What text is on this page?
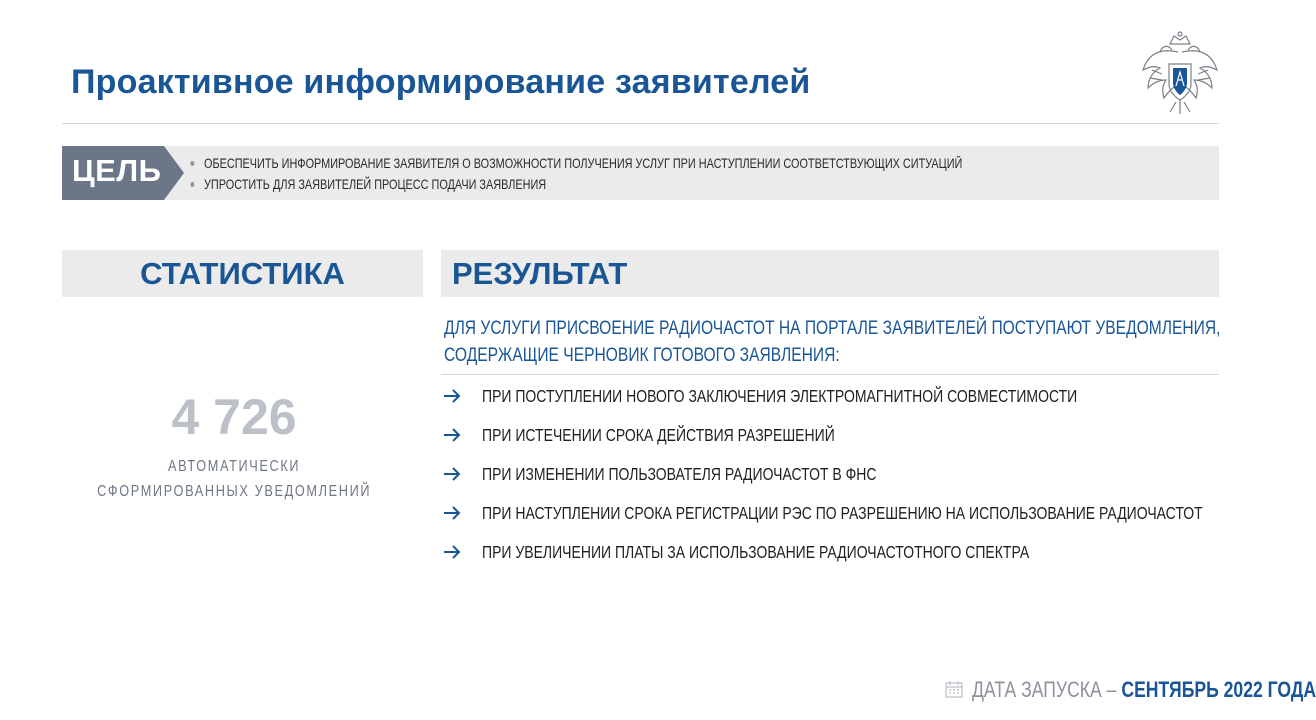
Проактивное информирование заявителей
ЦЕЛЬ	ОБЕСПЕЧИТЬ ИНФОРМИРОВАНИЕ ЗАЯВИТЕЛЯ О ВОЗМОЖНОСТИ ПОЛУЧЕНИЯ УСЛУГ ПРИ НАСТУПЛЕНИИ СООТВЕТСТВУЮЩИХ СИТУАЦИЙ
УПРОСТИТЬ ДЛЯ ЗАЯВИТЕЛЕЙ ПРОЦЕСС ПОДАЧИ ЗАЯВЛЕНИЯ
СТАТИСТИКА
4 726
АВТОМАТИЧЕСКИ
СФОРМИРОВАННЫХ УВЕДОМЛЕНИЙ
РЕЗУЛЬТАТ
ДЛЯ УСЛУГИ ПРИСВОЕНИЕ РАДИОЧАСТОТ НА ПОРТАЛЕ ЗАЯВИТЕЛЕЙ ПОСТУПАЮТ УВЕДОМЛЕНИЯ,
СОДЕРЖАЩИЕ ЧЕРНОВИК ГОТОВОГО ЗАЯВЛЕНИЯ:
ПРИ ПОСТУПЛЕНИИ НОВОГО ЗАКЛЮЧЕНИЯ ЭЛЕКТРОМАГНИТНОЙ СОВМЕСТИМОСТИ
ПРИ ИСТЕЧЕНИИ СРОКА ДЕЙСТВИЯ РАЗРЕШЕНИЙ
ПРИ ИЗМЕНЕНИИ ПОЛЬЗОВАТЕЛЯ РАДИОЧАСТОТ В ФНС
ПРИ НАСТУПЛЕНИИ СРОКА РЕГИСТРАЦИИ РЭС ПО РАЗРЕШЕНИЮ НА ИСПОЛЬЗОВАНИЕ РАДИОЧАСТОТ
ПРИ УВЕЛИЧЕНИИ ПЛАТЫ ЗА ИСПОЛЬЗОВАНИЕ РАДИОЧАСТОТНОГО СПЕКТРА
ДАТА ЗАПУСКА – СЕНТЯБРЬ 2022 ГОДА
